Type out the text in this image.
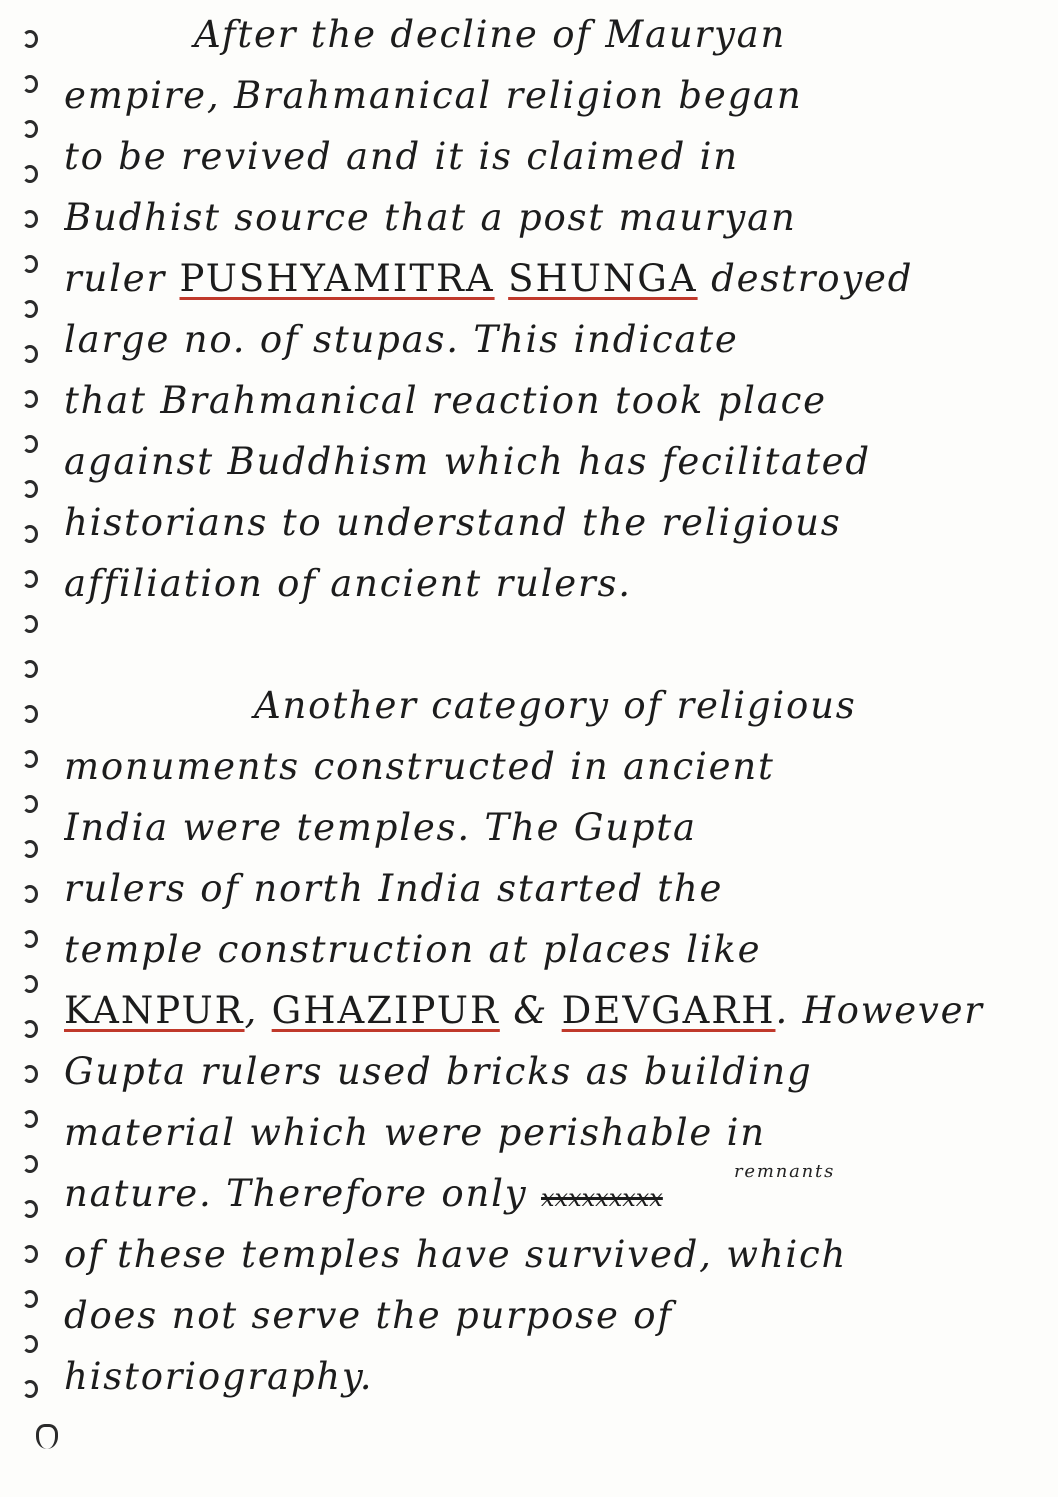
After the decline of Mauryan
empire, Brahmanical religion began
to be revived and it is claimed in
Budhist source that a post mauryan
ruler PUSHYAMITRA SHUNGA destroyed
large no. of stupas. This indicate
that Brahmanical reaction took place
against Buddhism which has fecilitated
historians to understand the religious
affiliation of ancient rulers.
Another category of religious
monuments constructed in ancient
India were temples. The Gupta
rulers of north India started the
temple construction at places like
KANPUR, GHAZIPUR & DEVGARH. However
Gupta rulers used bricks as building
material which were perishable in
nature. Therefore only xxxxxxxxx
remnants
of these temples have survived, which
does not serve the purpose of
historiography.
